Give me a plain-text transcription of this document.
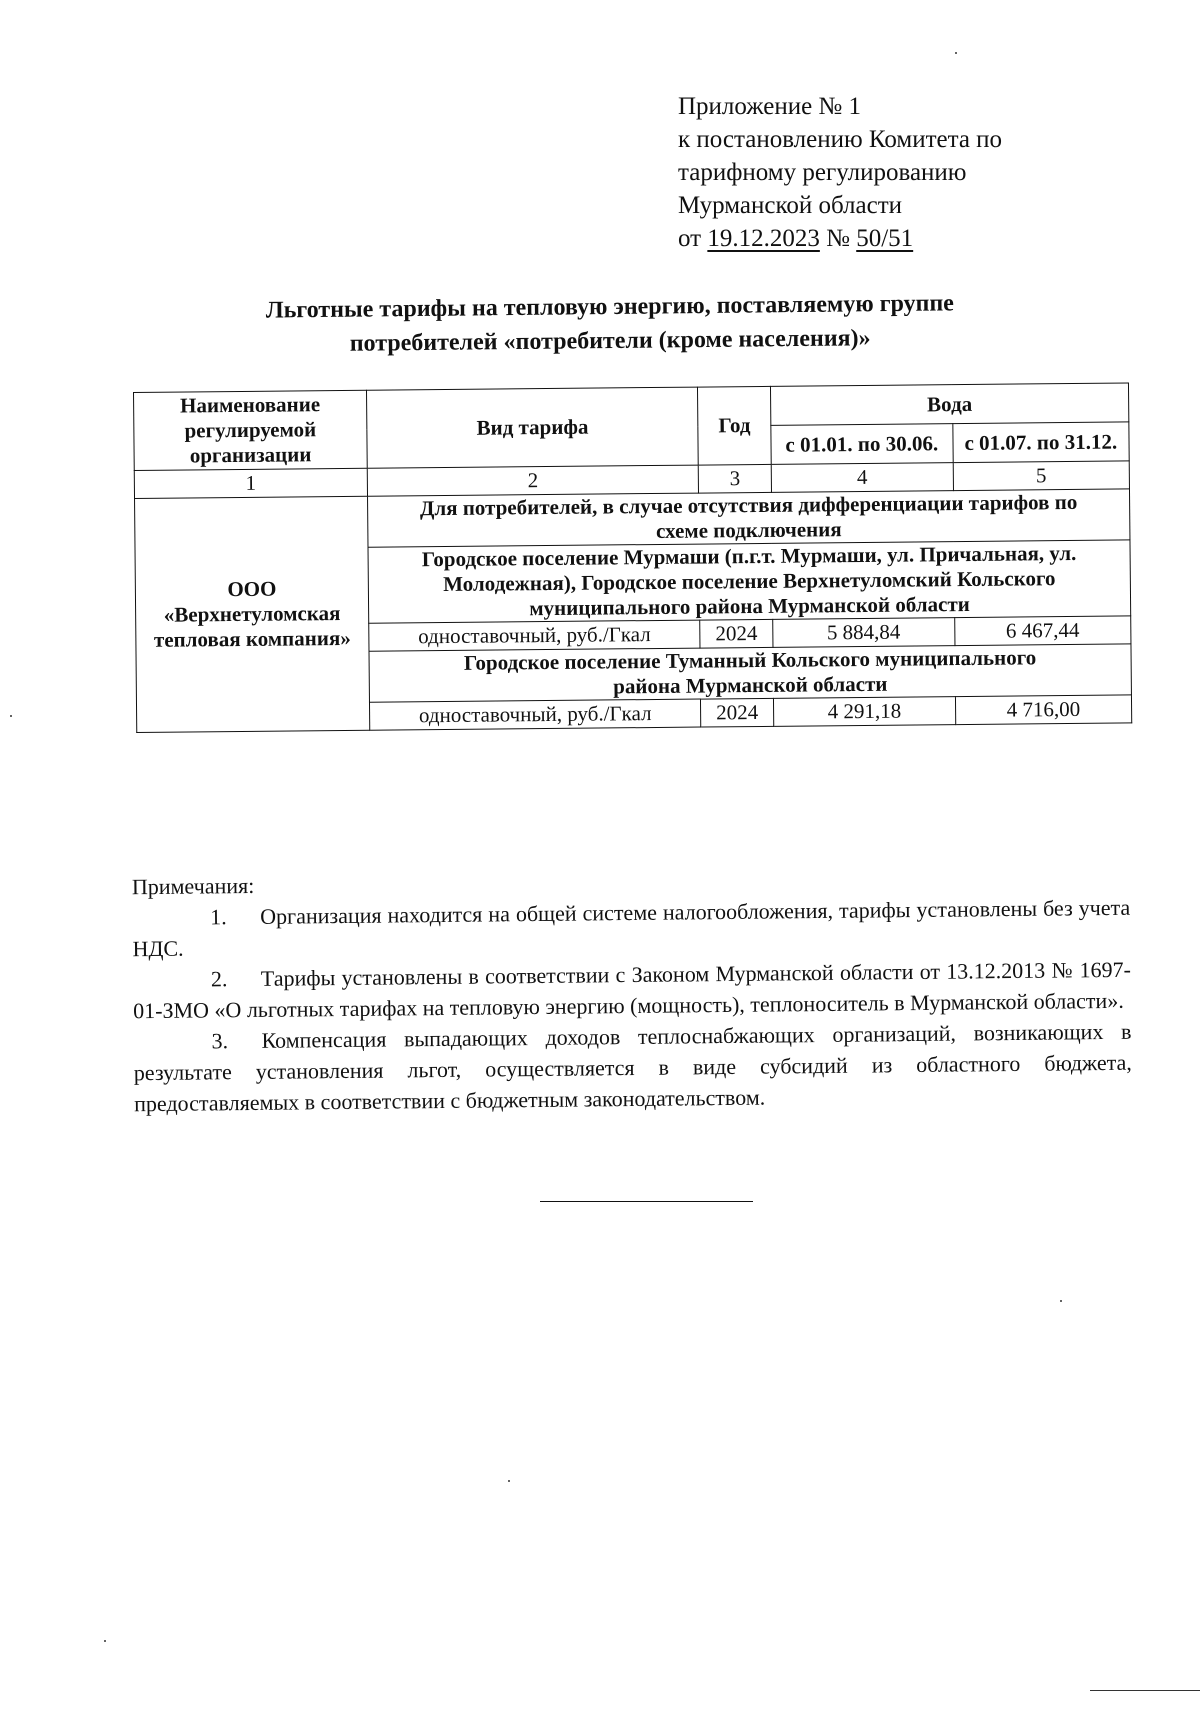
Приложение № 1
к постановлению Комитета по
тарифному регулированию
Мурманской области
от 19.12.2023 № 50/51
Льготные тарифы на тепловую энергию, поставляемую группе
потребителей «потребители (кроме населения)»
Наименование регулируемой организации	Вид тарифа	Год	Вода	
			с 01.01. по 30.06.	с 01.07. по 31.12.
1	2	3	4	5
ООО «Верхнетуломская тепловая компания»	Для потребителей, в случае отсутствия дифференциации тарифов по схеме подключения			
	Городское поселение Мурмаши (п.г.т. Мурмаши, ул. Причальная, ул. Молодежная), Городское поселение Верхнетуломский Кольского муниципального района Мурманской области			
	одноставочный, руб./Гкал	2024	5 884,84	6 467,44
	Городское поселение Туманный Кольского муниципального района Мурманской области			
	одноставочный, руб./Гкал	2024	4 291,18	4 716,00

Примечания:

1. Организация находится на общей системе налогообложения, тарифы установлены без учета НДС.

2. Тарифы установлены в соответствии с Законом Мурманской области от 13.12.2013 № 1697-01-ЗМО «О льготных тарифах на тепловую энергию (мощность), теплоноситель в Мурманской области».

3. Компенсация выпадающих доходов теплоснабжающих организаций, возникающих в результате установления льгот, осуществляется в виде субсидий из областного бюджета, предоставляемых в соответствии с бюджетным законодательством.
